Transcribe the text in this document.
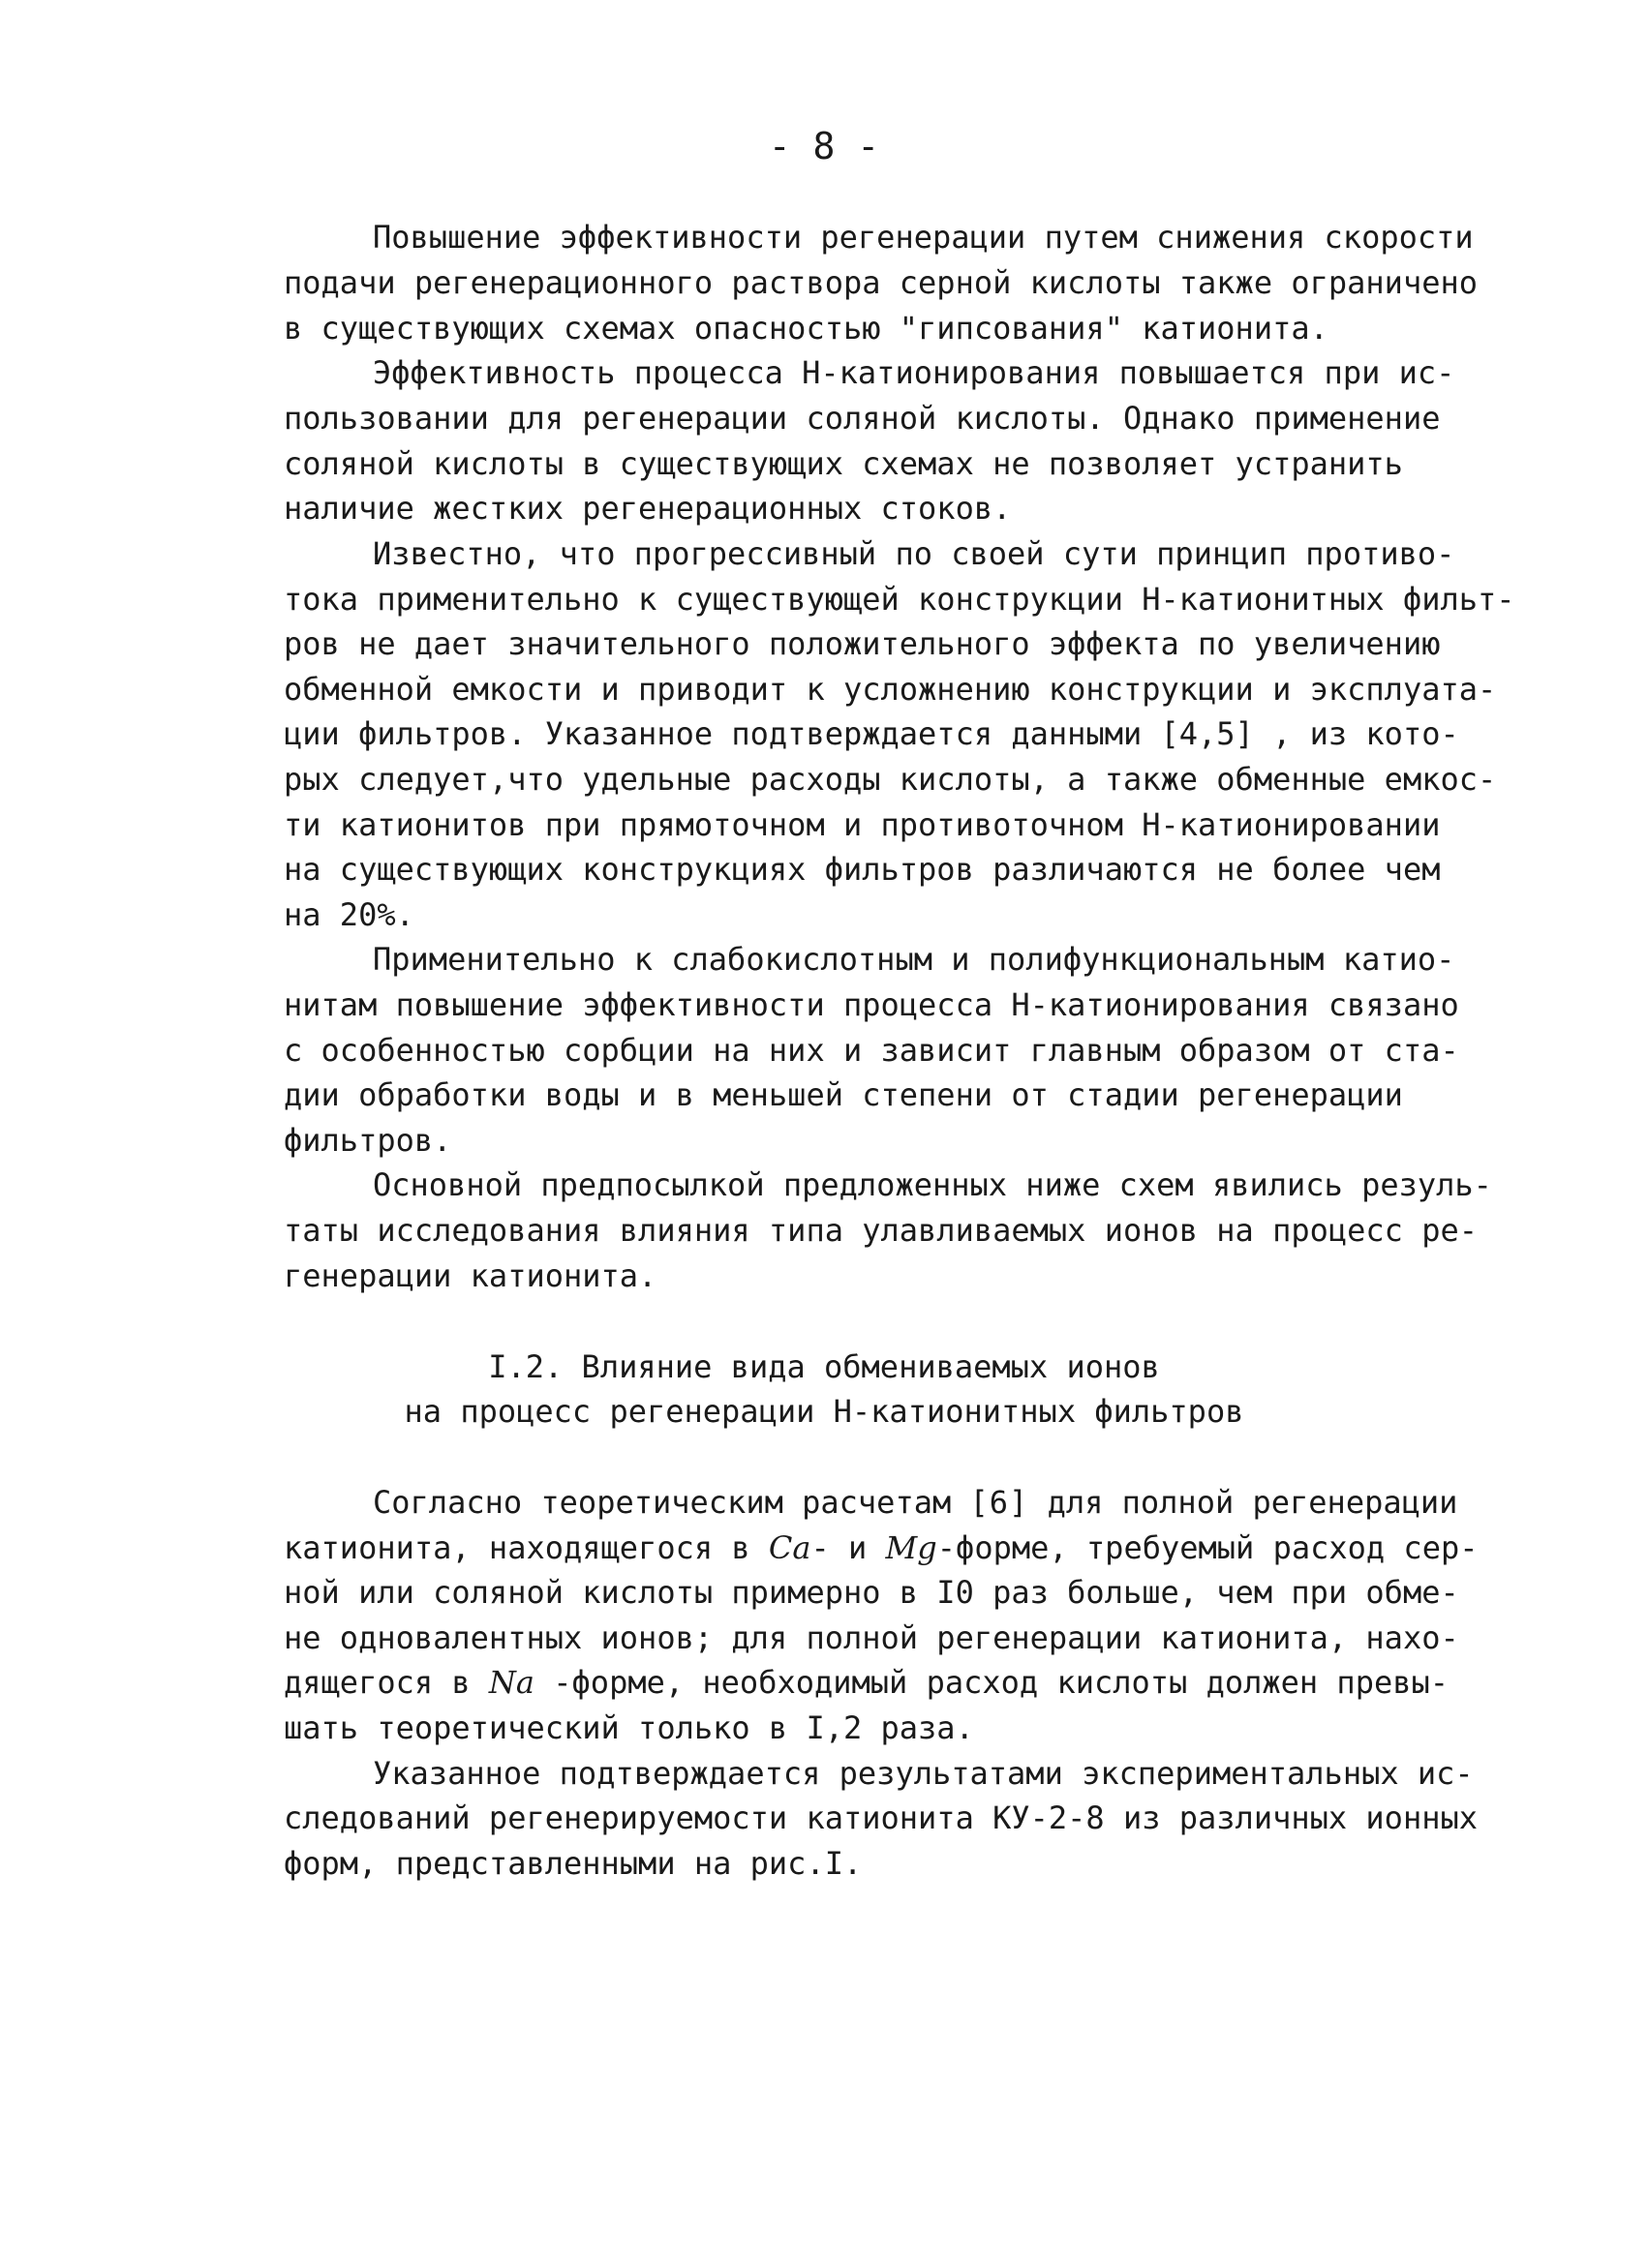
- 8 -
Повышение эффективности регенерации путем снижения скорости
подачи регенерационного раствора серной кислоты также ограничено
в существующих схемах опасностью "гипсования" катионита.
Эффективность процесса Н-катионирования повышается при ис-
пользовании для регенерации соляной кислоты. Однако применение
соляной кислоты в существующих схемах не позволяет устранить
наличие жестких регенерационных стоков.
Известно, что прогрессивный по своей сути принцип противо-
тока применительно к существующей конструкции Н-катионитных фильт-
ров не дает значительного положительного эффекта по увеличению
обменной емкости и приводит к усложнению конструкции и эксплуата-
ции фильтров. Указанное подтверждается данными [4,5] , из кото-
рых следует,что удельные расходы кислоты, а также обменные емкос-
ти катионитов при прямоточном и противоточном Н-катионировании
на существующих конструкциях фильтров различаются не более чем
на 20%.
Применительно к слабокислотным и полифункциональным катио-
нитам повышение эффективности процесса Н-катионирования связано
с особенностью сорбции на них и зависит главным образом от ста-
дии обработки воды и в меньшей степени от стадии регенерации
фильтров.
Основной предпосылкой предложенных ниже схем явились резуль-
таты исследования влияния типа улавливаемых ионов на процесс ре-
генерации катионита.
I.2. Влияние вида обмениваемых ионов
на процесс регенерации Н-катионитных фильтров
Согласно теоретическим расчетам [6] для полной регенерации
катионита, находящегося в Ca- и Mg-форме, требуемый расход сер-
ной или соляной кислоты примерно в I0 раз больше, чем при обме-
не одновалентных ионов; для полной регенерации катионита, нахо-
дящегося в Na -форме, необходимый расход кислоты должен превы-
шать теоретический только в I,2 раза.
Указанное подтверждается результатами экспериментальных ис-
следований регенерируемости катионита КУ-2-8 из различных ионных
форм, представленными на рис.I.
